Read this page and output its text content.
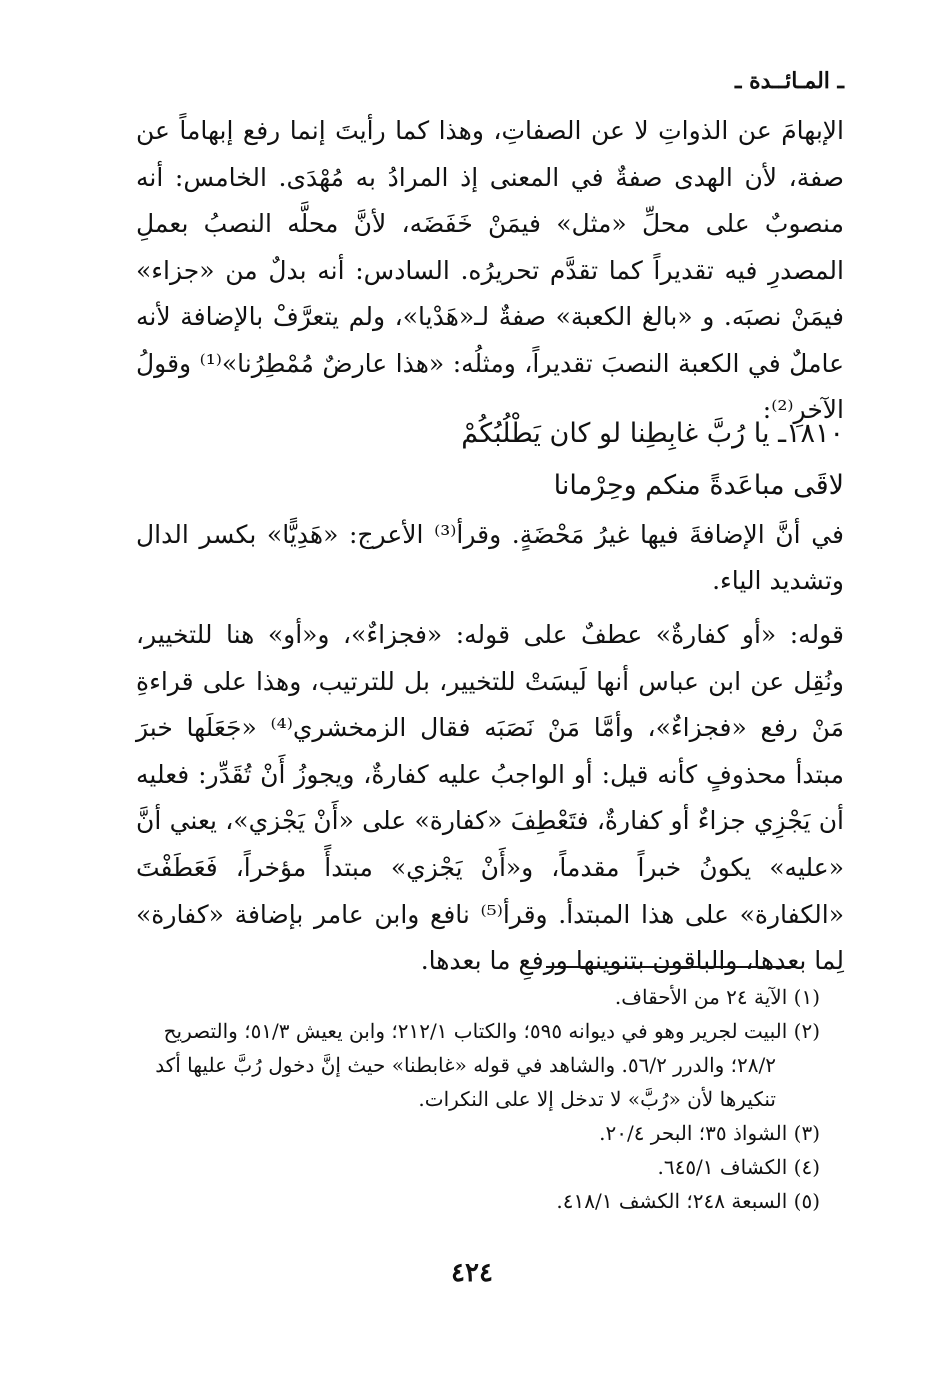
ـ المـائــدة ـ

الإبهامَ عن الذواتِ لا عن الصفاتِ، وهذا كما رأيتَ إنما رفع إبهاماً عن صفة، لأن الهدى صفةٌ في المعنى إذ المرادُ به مُهْدَى. الخامس: أنه منصوبٌ على محلِّ «مثل» فيمَنْ خَفَضَه، لأنَّ محلَّه النصبُ بعملِ المصدرِ فيه تقديراً كما تقدَّم تحريرُه. السادس: أنه بدلٌ من «جزاء» فيمَنْ نصبَه. و «بالغ الكعبة» صفةٌ لـ«هَدْيا»، ولم يتعرَّفْ بالإضافة لأنه عاملٌ في الكعبة النصبَ تقديراً، ومثلُه: «هذا عارضٌ مُمْطِرُنا»⁽¹⁾ وقولُ الآخرِ⁽²⁾:

١٨١٠ـ يا رُبَّ غابِطِنا لو كان يَطْلُبُكُمْ
لاقَى مباعَدةً منكم وحِرْمانا

في أنَّ الإضافةَ فيها غيرُ مَحْضَةٍ. وقرأ⁽³⁾ الأعرج: «هَدِيًّا» بكسر الدال وتشديد الياء.

قوله: «أو كفارةٌ» عطفٌ على قوله: «فجزاءٌ»، و«أو» هنا للتخيير، ونُقِل عن ابن عباس أنها لَيسَتْ للتخيير، بل للترتيب، وهذا على قراءةِ مَنْ رفع «فجزاءٌ»، وأمَّا مَنْ نَصَبَه فقال الزمخشري⁽⁴⁾ «جَعَلَها خبرَ مبتدأ محذوفٍ كأنه قيل: أو الواجبُ عليه كفارةٌ، ويجوزُ أَنْ تُقَدِّر: فعليه أن يَجْزِي جزاءٌ أو كفارةٌ، فتَعْطِفَ «كفارة» على «أَنْ يَجْزي»، يعني أنَّ «عليه» يكونُ خبراً مقدماً، و«أَنْ يَجْزي» مبتدأً مؤخراً، فَعَطَفْتَ «الكفارة» على هذا المبتدأ. وقرأ⁽⁵⁾ نافع وابن عامر بإضافة «كفارة» لِما بعدها، والباقون بتنوينها ورفعِ ما بعدها.

(١) الآية ٢٤ من الأحقاف.

(٢) البيت لجرير وهو في ديوانه ٥٩٥؛ والكتاب ٢١٢/١؛ وابن يعيش ٥١/٣؛ والتصريح ٢٨/٢؛ والدرر ٥٦/٢. والشاهد في قوله «غابطنا» حيث إنَّ دخول رُبَّ عليها أكد تنكيرها لأن «رُبَّ» لا تدخل إلا على النكرات.

(٣) الشواذ ٣٥؛ البحر ٢٠/٤.

(٤) الكشاف ٦٤٥/١.

(٥) السبعة ٢٤٨؛ الكشف ٤١٨/١.

٤٢٤
